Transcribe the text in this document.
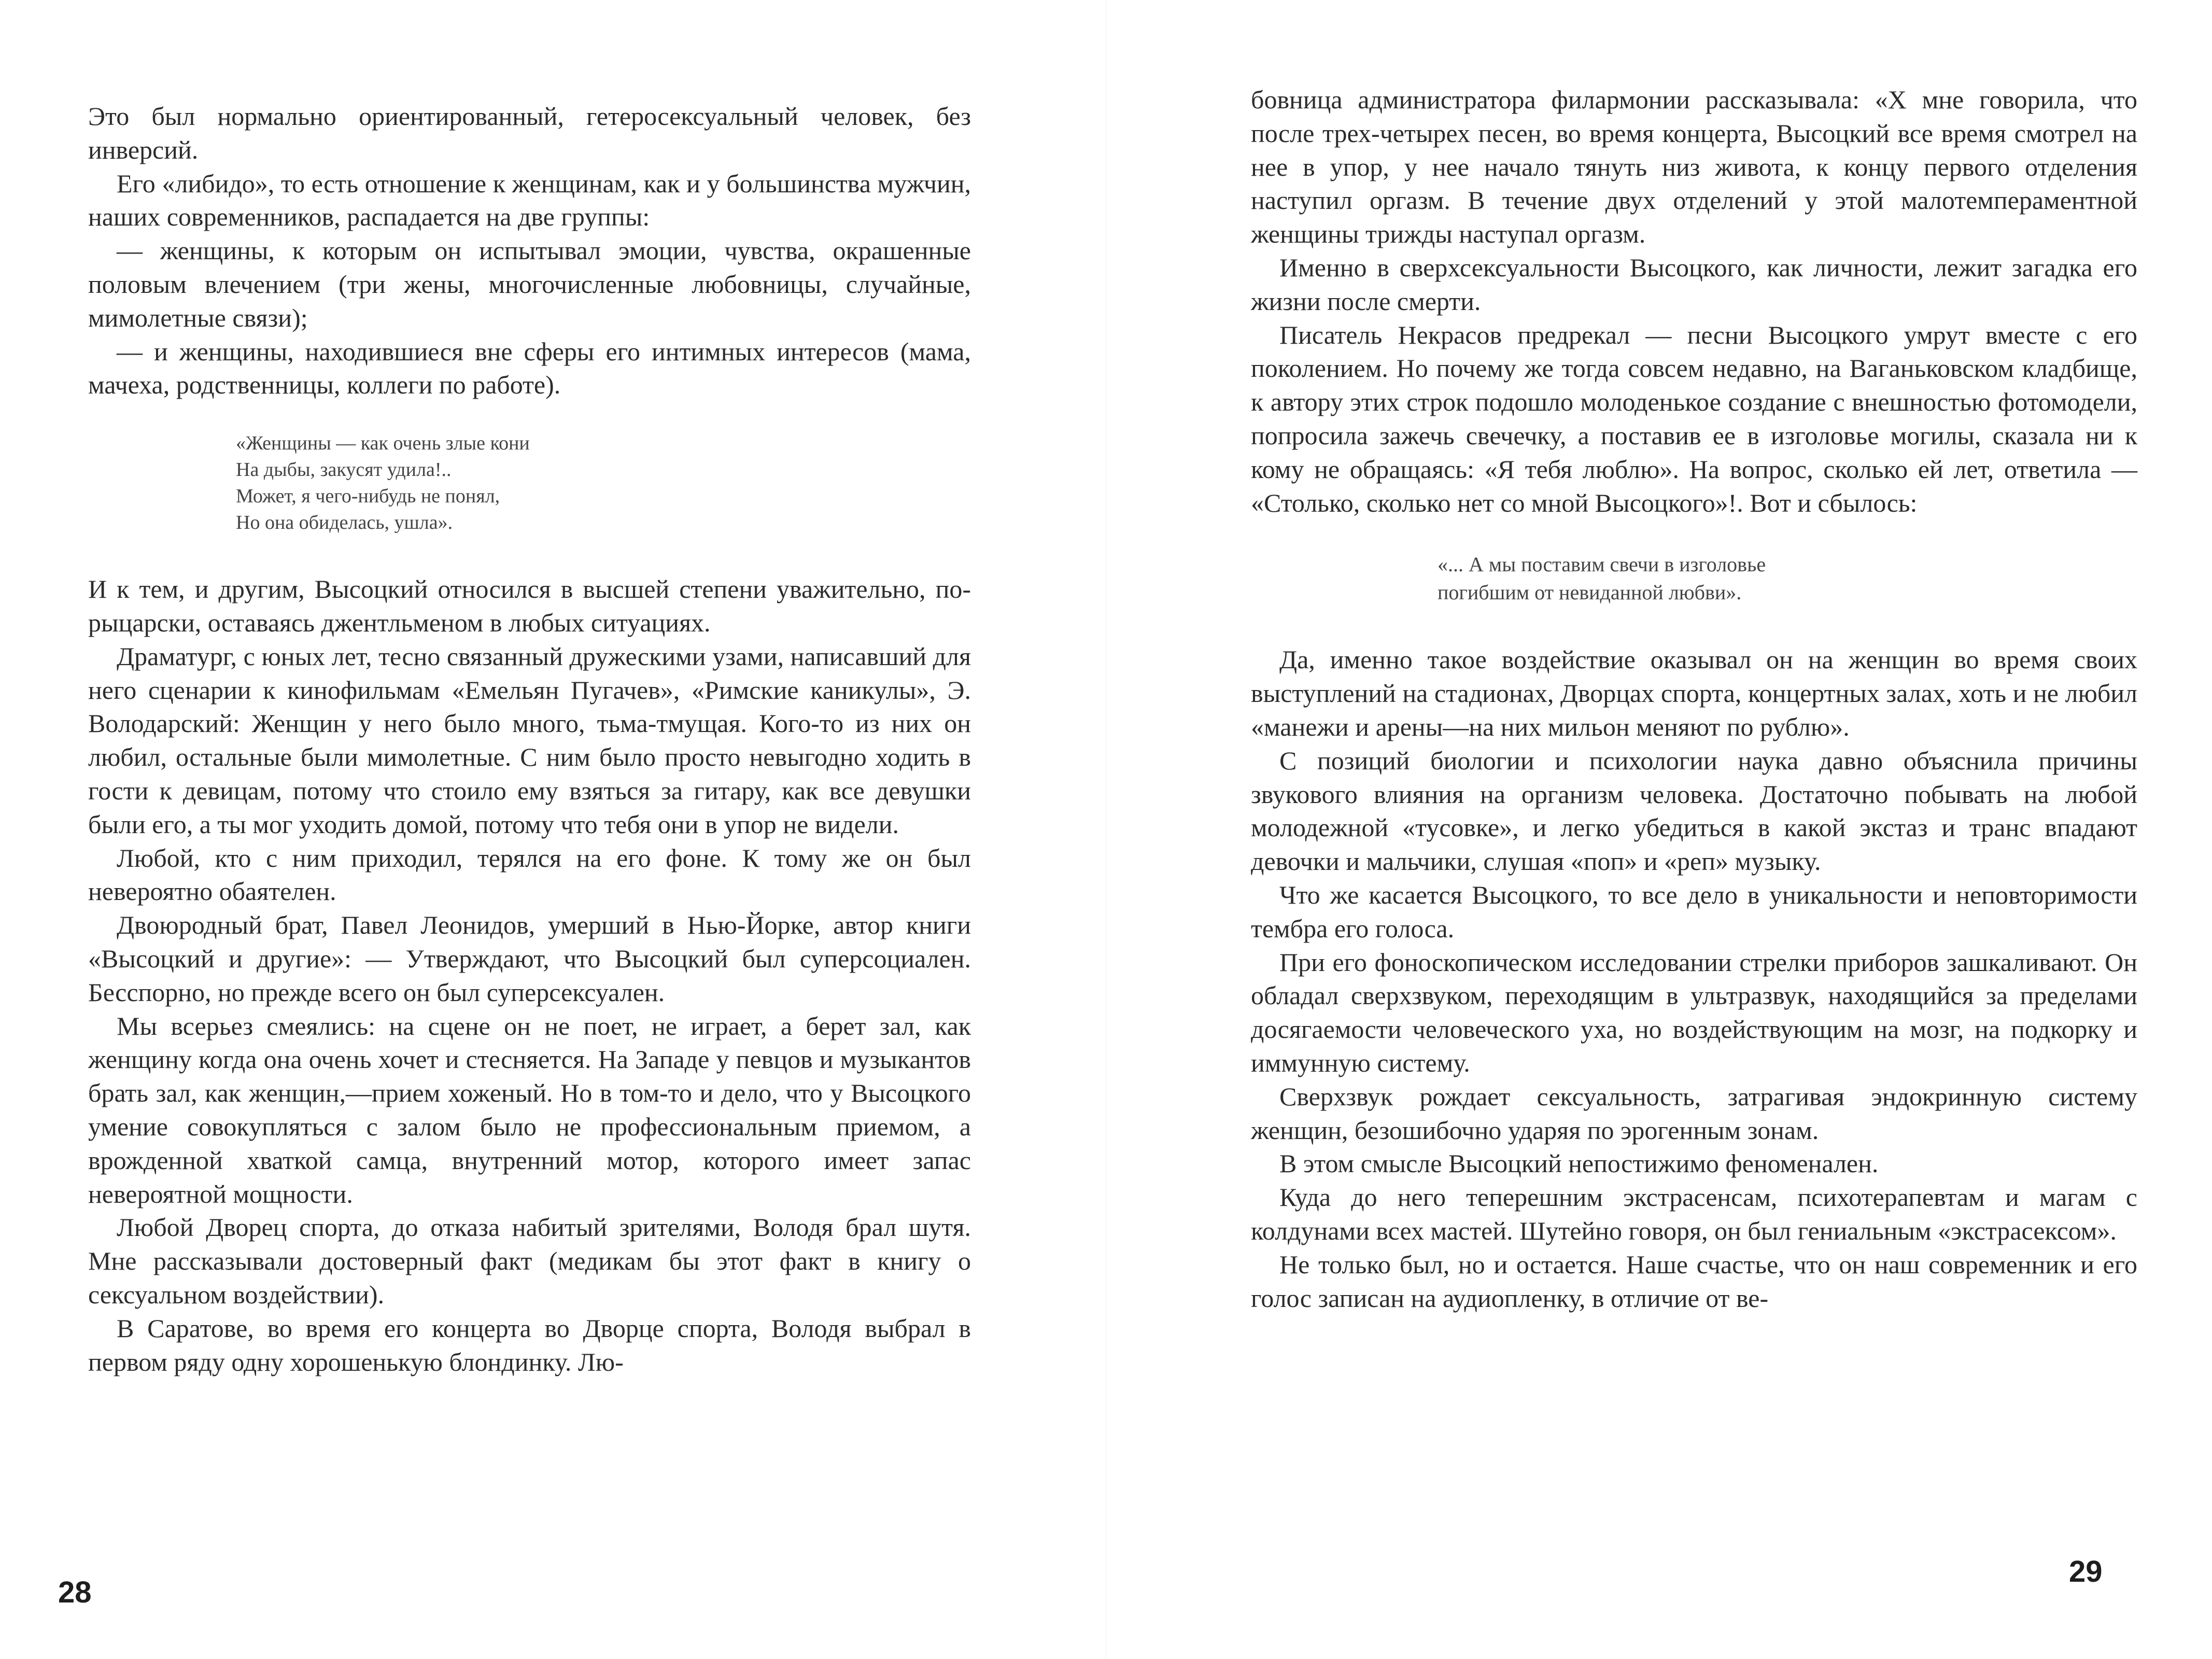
Это был нормально ориентированный, гетеросексуальный человек, без инверсий.

Его «либидо», то есть отношение к женщинам, как и у большинства мужчин, наших современников, распадается на две группы:

— женщины, к которым он испытывал эмоции, чувства, окрашенные половым влечением (три жены, многочисленные любовницы, случайные, мимолетные связи);

— и женщины, находившиеся вне сферы его интимных интересов (мама, мачеха, родственницы, коллеги по работе).

«Женщины — как очень злые кони
На дыбы, закусят удила!..
Может, я чего-нибудь не понял,
Но она обиделась, ушла».

И к тем, и другим, Высоцкий относился в высшей степени уважительно, по-рыцарски, оставаясь джентльменом в любых ситуациях.

Драматург, с юных лет, тесно связанный дружескими узами, написавший для него сценарии к кинофильмам «Емельян Пугачев», «Римские каникулы», Э. Володарский: Женщин у него было много, тьма-тмущая. Кого-то из них он любил, остальные были мимолетные. С ним было просто невыгодно ходить в гости к девицам, потому что стоило ему взяться за гитару, как все девушки были его, а ты мог уходить домой, потому что тебя они в упор не видели.

Любой, кто с ним приходил, терялся на его фоне. К тому же он был невероятно обаятелен.

Двоюродный брат, Павел Леонидов, умерший в Нью-Йорке, автор книги «Высоцкий и другие»: — Утверждают, что Высоцкий был суперсоциален. Бесспорно, но прежде всего он был суперсексуален.

Мы всерьез смеялись: на сцене он не поет, не играет, а берет зал, как женщину когда она очень хочет и стесняется. На Западе у певцов и музыкантов брать зал, как женщин,—прием хоженый. Но в том-то и дело, что у Высоцкого умение совокупляться с залом было не профессиональным приемом, а врожденной хваткой самца, внутренний мотор, которого имеет запас невероятной мощности.

Любой Дворец спорта, до отказа набитый зрителями, Володя брал шутя. Мне рассказывали достоверный факт (медикам бы этот факт в книгу о сексуальном воздействии).

В Саратове, во время его концерта во Дворце спорта, Володя выбрал в первом ряду одну хорошенькую блондинку. Лю-

28

бовница администратора филармонии рассказывала: «X мне говорила, что после трех-четырех песен, во время концерта, Высоцкий все время смотрел на нее в упор, у нее начало тянуть низ живота, к концу первого отделения наступил оргазм. В течение двух отделений у этой малотемпераментной женщины трижды наступал оргазм.

Именно в сверхсексуальности Высоцкого, как личности, лежит загадка его жизни после смерти.

Писатель Некрасов предрекал — песни Высоцкого умрут вместе с его поколением. Но почему же тогда совсем недавно, на Ваганьковском кладбище, к автору этих строк подошло молоденькое создание с внешностью фотомодели, попросила зажечь свечечку, а поставив ее в изголовье могилы, сказала ни к кому не обращаясь: «Я тебя люблю». На вопрос, сколько ей лет, ответила — «Столько, сколько нет со мной Высоцкого»!. Вот и сбылось:

«... А мы поставим свечи в изголовье
погибшим от невиданной любви».

Да, именно такое воздействие оказывал он на женщин во время своих выступлений на стадионах, Дворцах спорта, концертных залах, хоть и не любил «манежи и арены—на них мильон меняют по рублю».

С позиций биологии и психологии наука давно объяснила причины звукового влияния на организм человека. Достаточно побывать на любой молодежной «тусовке», и легко убедиться в какой экстаз и транс впадают девочки и мальчики, слушая «поп» и «реп» музыку.

Что же касается Высоцкого, то все дело в уникальности и неповторимости тембра его голоса.

При его фоноскопическом исследовании стрелки приборов зашкаливают. Он обладал сверхзвуком, переходящим в ультразвук, находящийся за пределами досягаемости человеческого уха, но воздействующим на мозг, на подкорку и иммунную систему.

Сверхзвук рождает сексуальность, затрагивая эндокринную систему женщин, безошибочно ударяя по эрогенным зонам.

В этом смысле Высоцкий непостижимо феноменален.

Куда до него теперешним экстрасенсам, психотерапевтам и магам с колдунами всех мастей. Шутейно говоря, он был гениальным «экстрасексом».

Не только был, но и остается. Наше счастье, что он наш современник и его голос записан на аудиопленку, в отличие от ве-

29
